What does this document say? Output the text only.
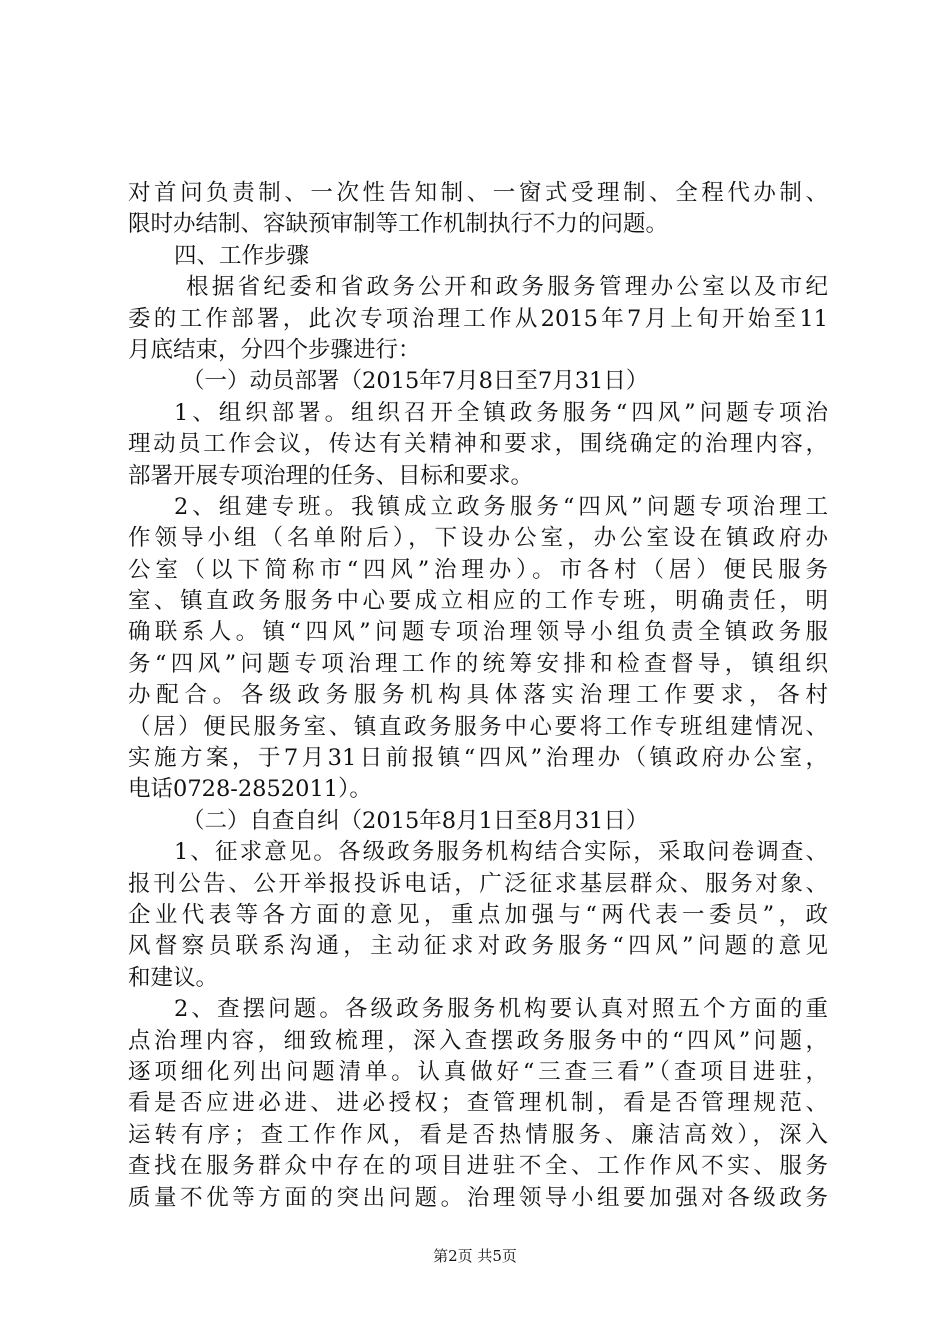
对首问负责制、一次性告知制、一窗式受理制、全程代办制、
限时办结制、容缺预审制等工作机制执行不力的问题。
四、工作步骤
根据省纪委和省政务公开和政务服务管理办公室以及市纪
委的工作部署，此次专项治理工作从2015年7月上旬开始至11
月底结束，分四个步骤进行：
（一）动员部署（2015年7月8日至7月31日）
1、组织部署。组织召开全镇政务服务“四风”问题专项治
理动员工作会议，传达有关精神和要求，围绕确定的治理内容，
部署开展专项治理的任务、目标和要求。
2、组建专班。我镇成立政务服务“四风”问题专项治理工
作领导小组（名单附后），下设办公室，办公室设在镇政府办
公室（以下简称市“四风”治理办）。市各村（居）便民服务
室、镇直政务服务中心要成立相应的工作专班，明确责任，明
确联系人。镇“四风”问题专项治理领导小组负责全镇政务服
务“四风”问题专项治理工作的统筹安排和检查督导，镇组织
办配合。各级政务服务机构具体落实治理工作要求，各村
（居）便民服务室、镇直政务服务中心要将工作专班组建情况、
实施方案，于7月31日前报镇“四风”治理办（镇政府办公室，
电话0728-2852011）。
（二）自查自纠（2015年8月1日至8月31日）
1、征求意见。各级政务服务机构结合实际，采取问卷调查、
报刊公告、公开举报投诉电话，广泛征求基层群众、服务对象、
企业代表等各方面的意见，重点加强与“两代表一委员”，政
风督察员联系沟通，主动征求对政务服务“四风”问题的意见
和建议。
2、查摆问题。各级政务服务机构要认真对照五个方面的重
点治理内容，细致梳理，深入查摆政务服务中的“四风”问题，
逐项细化列出问题清单。认真做好“三查三看”（查项目进驻，
看是否应进必进、进必授权；查管理机制，看是否管理规范、
运转有序；查工作作风，看是否热情服务、廉洁高效），深入
查找在服务群众中存在的项目进驻不全、工作作风不实、服务
质量不优等方面的突出问题。治理领导小组要加强对各级政务
第2页 共5页
